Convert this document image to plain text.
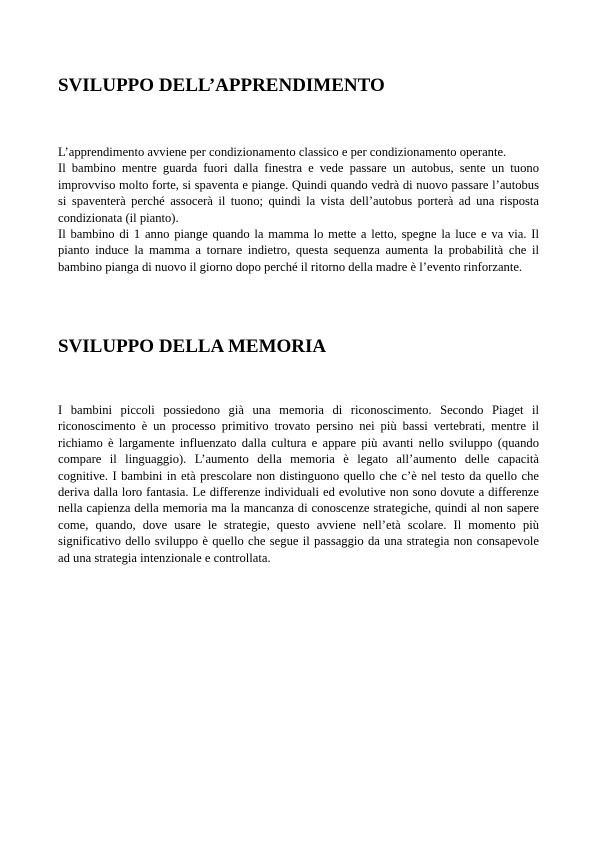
SVILUPPO DELL’APPRENDIMENTO

L’apprendimento avviene per condizionamento classico e per condizionamento operante.

Il bambino mentre guarda fuori dalla finestra e vede passare un autobus, sente un tuono improvviso molto forte, si spaventa e piange. Quindi quando vedrà di nuovo passare l’autobus si spaventerà perché assocerà il tuono; quindi la vista dell’autobus porterà ad una risposta condizionata (il pianto).

Il bambino di 1 anno piange quando la mamma lo mette a letto, spegne la luce e va via. Il pianto induce la mamma a tornare indietro, questa sequenza aumenta la probabilità che il bambino pianga di nuovo il giorno dopo perché il ritorno della madre è l’evento rinforzante.

SVILUPPO DELLA MEMORIA

I bambini piccoli possiedono già una memoria di riconoscimento. Secondo Piaget il riconoscimento è un processo primitivo trovato persino nei più bassi vertebrati, mentre il richiamo è largamente influenzato dalla cultura e appare più avanti nello sviluppo (quando compare il linguaggio). L’aumento della memoria è legato all’aumento delle capacità cognitive. I bambini in età prescolare non distinguono quello che c’è nel testo da quello che deriva dalla loro fantasia. Le differenze individuali ed evolutive non sono dovute a differenze nella capienza della memoria ma la mancanza di conoscenze strategiche, quindi al non sapere come, quando, dove usare le strategie, questo avviene nell’età scolare. Il momento più significativo dello sviluppo è quello che segue il passaggio da una strategia non consapevole ad una strategia intenzionale e controllata.
